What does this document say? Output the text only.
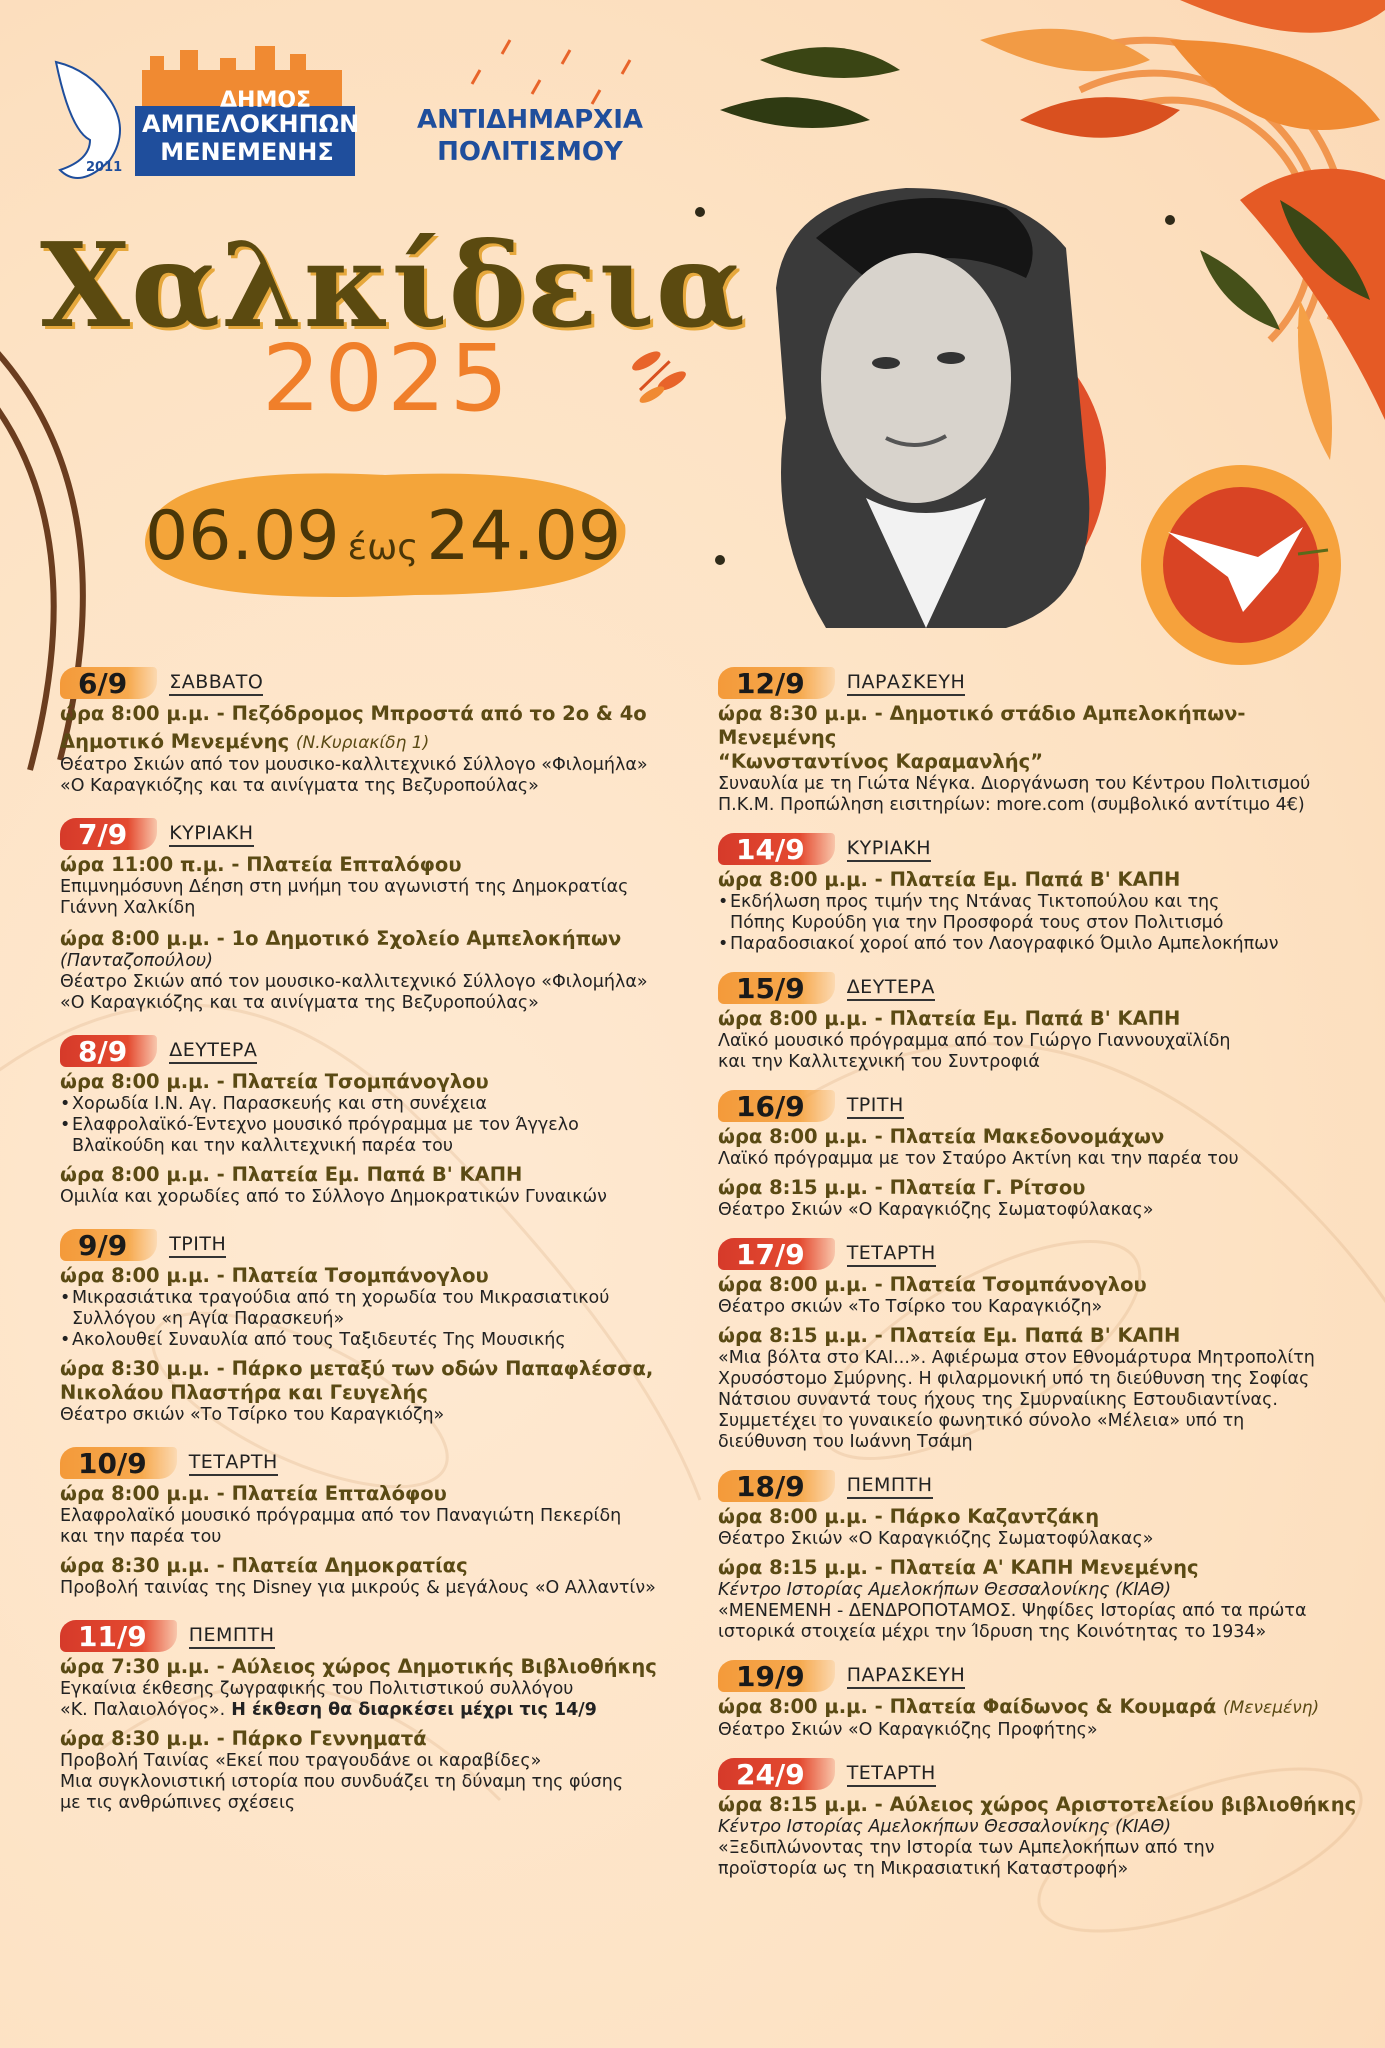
ΔΗΜΟΣ
ΑΜΠΕΛΟΚΗΠΩΝ
ΜΕΝΕΜΕΝΗΣ
2011
ΑΝΤΙΔΗΜΑΡΧΙΑ
ΠΟΛΙΤΙΣΜΟΥ
Χαλκίδεια
2025
06.09 έως 24.09
6/9	ΣΑΒΒΑΤΟ
ώρα 8:00 μ.μ. - Πεζόδρομος Μπροστά από το 2ο & 4ο
Δημοτικό Μενεμένης (Ν.Κυριακίδη 1)
Θέατρο Σκιών από τον μουσικο-καλλιτεχνικό Σύλλογο «Φιλομήλα»
«Ο Καραγκιόζης και τα αινίγματα της Βεζυροπούλας»
7/9	ΚΥΡΙΑΚΗ
ώρα 11:00 π.μ. - Πλατεία Επταλόφου
Επιμνημόσυνη Δέηση στη μνήμη του αγωνιστή της Δημοκρατίας
Γιάννη Χαλκίδη
ώρα 8:00 μ.μ. - 1ο Δημοτικό Σχολείο Αμπελοκήπων
(Πανταζοπούλου)
Θέατρο Σκιών από τον μουσικο-καλλιτεχνικό Σύλλογο «Φιλομήλα»
«Ο Καραγκιόζης και τα αινίγματα της Βεζυροπούλας»
8/9	ΔΕΥΤΕΡΑ
ώρα 8:00 μ.μ. - Πλατεία Τσομπάνογλου
• Χορωδία Ι.Ν. Αγ. Παρασκευής και στη συνέχεια
• Ελαφρολαϊκό-Έντεχνο μουσικό πρόγραμμα με τον Άγγελο
Βλαϊκούδη και την καλλιτεχνική παρέα του
ώρα 8:00 μ.μ. - Πλατεία Εμ. Παπά Β' ΚΑΠΗ
Ομιλία και χορωδίες από το Σύλλογο Δημοκρατικών Γυναικών
9/9	ΤΡΙΤΗ
ώρα 8:00 μ.μ. - Πλατεία Τσομπάνογλου
• Μικρασιάτικα τραγούδια από τη χορωδία του Μικρασιατικού
Συλλόγου «η Αγία Παρασκευή»
• Ακολουθεί Συναυλία από τους Ταξιδευτές Της Μουσικής
ώρα 8:30 μ.μ. - Πάρκο μεταξύ των οδών Παπαφλέσσα,
Νικολάου Πλαστήρα και Γευγελής
Θέατρο σκιών «Το Τσίρκο του Καραγκιόζη»
10/9	ΤΕΤΑΡΤΗ
ώρα 8:00 μ.μ. - Πλατεία Επταλόφου
Ελαφρολαϊκό μουσικό πρόγραμμα από τον Παναγιώτη Πεκερίδη
και την παρέα του
ώρα 8:30 μ.μ. - Πλατεία Δημοκρατίας
Προβολή ταινίας της Disney για μικρούς & μεγάλους «Ο Αλλαντίν»
11/9	ΠΕΜΠΤΗ
ώρα 7:30 μ.μ. - Αύλειος χώρος Δημοτικής Βιβλιοθήκης
Εγκαίνια έκθεσης ζωγραφικής του Πολιτιστικού συλλόγου
«Κ. Παλαιολόγος». Η έκθεση θα διαρκέσει μέχρι τις 14/9
ώρα 8:30 μ.μ. - Πάρκο Γεννηματά
Προβολή Ταινίας «Εκεί που τραγουδάνε οι καραβίδες»
Μια συγκλονιστική ιστορία που συνδυάζει τη δύναμη της φύσης
με τις ανθρώπινες σχέσεις
12/9	ΠΑΡΑΣΚΕΥΗ
ώρα 8:30 μ.μ. - Δημοτικό στάδιο Αμπελοκήπων-Μενεμένης
“Κωνσταντίνος Καραμανλής”
Συναυλία με τη Γιώτα Νέγκα. Διοργάνωση του Κέντρου Πολιτισμού
Π.Κ.Μ. Προπώληση εισιτηρίων: more.com (συμβολικό αντίτιμο 4€)
14/9	ΚΥΡΙΑΚΗ
ώρα 8:00 μ.μ. - Πλατεία Εμ. Παπά Β' ΚΑΠΗ
• Εκδήλωση προς τιμήν της Ντάνας Τικτοπούλου και της
Πόπης Κυρούδη για την Προσφορά τους στον Πολιτισμό
• Παραδοσιακοί χοροί από τον Λαογραφικό Όμιλο Αμπελοκήπων
15/9	ΔΕΥΤΕΡΑ
ώρα 8:00 μ.μ. - Πλατεία Εμ. Παπά Β' ΚΑΠΗ
Λαϊκό μουσικό πρόγραμμα από τον Γιώργο Γιαννουχαϊλίδη
και την Καλλιτεχνική του Συντροφιά
16/9	ΤΡΙΤΗ
ώρα 8:00 μ.μ. - Πλατεία Μακεδονομάχων
Λαϊκό πρόγραμμα με τον Σταύρο Ακτίνη και την παρέα του
ώρα 8:15 μ.μ. - Πλατεία Γ. Ρίτσου
Θέατρο Σκιών «Ο Καραγκιόζης Σωματοφύλακας»
17/9	ΤΕΤΑΡΤΗ
ώρα 8:00 μ.μ. - Πλατεία Τσομπάνογλου
Θέατρο σκιών «Το Τσίρκο του Καραγκιόζη»
ώρα 8:15 μ.μ. - Πλατεία Εμ. Παπά Β' ΚΑΠΗ
«Μια βόλτα στο ΚΑΙ...». Αφιέρωμα στον Εθνομάρτυρα Μητροπολίτη
Χρυσόστομο Σμύρνης. Η φιλαρμονική υπό τη διεύθυνση της Σοφίας
Νάτσιου συναντά τους ήχους της Σμυρναίικης Εστουδιαντίνας.
Συμμετέχει το γυναικείο φωνητικό σύνολο «Μέλεια» υπό τη
διεύθυνση του Ιωάννη Τσάμη
18/9	ΠΕΜΠΤΗ
ώρα 8:00 μ.μ. - Πάρκο Καζαντζάκη
Θέατρο Σκιών «Ο Καραγκιόζης Σωματοφύλακας»
ώρα 8:15 μ.μ. - Πλατεία Α' ΚΑΠΗ Μενεμένης
Κέντρο Ιστορίας Αμελοκήπων Θεσσαλονίκης (ΚΙΑΘ)
«ΜΕΝΕΜΕΝΗ - ΔΕΝΔΡΟΠΟΤΑΜΟΣ. Ψηφίδες Ιστορίας από τα πρώτα
ιστορικά στοιχεία μέχρι την Ίδρυση της Κοινότητας το 1934»
19/9	ΠΑΡΑΣΚΕΥΗ
ώρα 8:00 μ.μ. - Πλατεία Φαίδωνος & Κουμαρά (Μενεμένη)
Θέατρο Σκιών «Ο Καραγκιόζης Προφήτης»
24/9	ΤΕΤΑΡΤΗ
ώρα 8:15 μ.μ. - Αύλειος χώρος Αριστοτελείου βιβλιοθήκης
Κέντρο Ιστορίας Αμελοκήπων Θεσσαλονίκης (ΚΙΑΘ)
«Ξεδιπλώνοντας την Ιστορία των Αμπελοκήπων από την
προϊστορία ως τη Μικρασιατική Καταστροφή»
